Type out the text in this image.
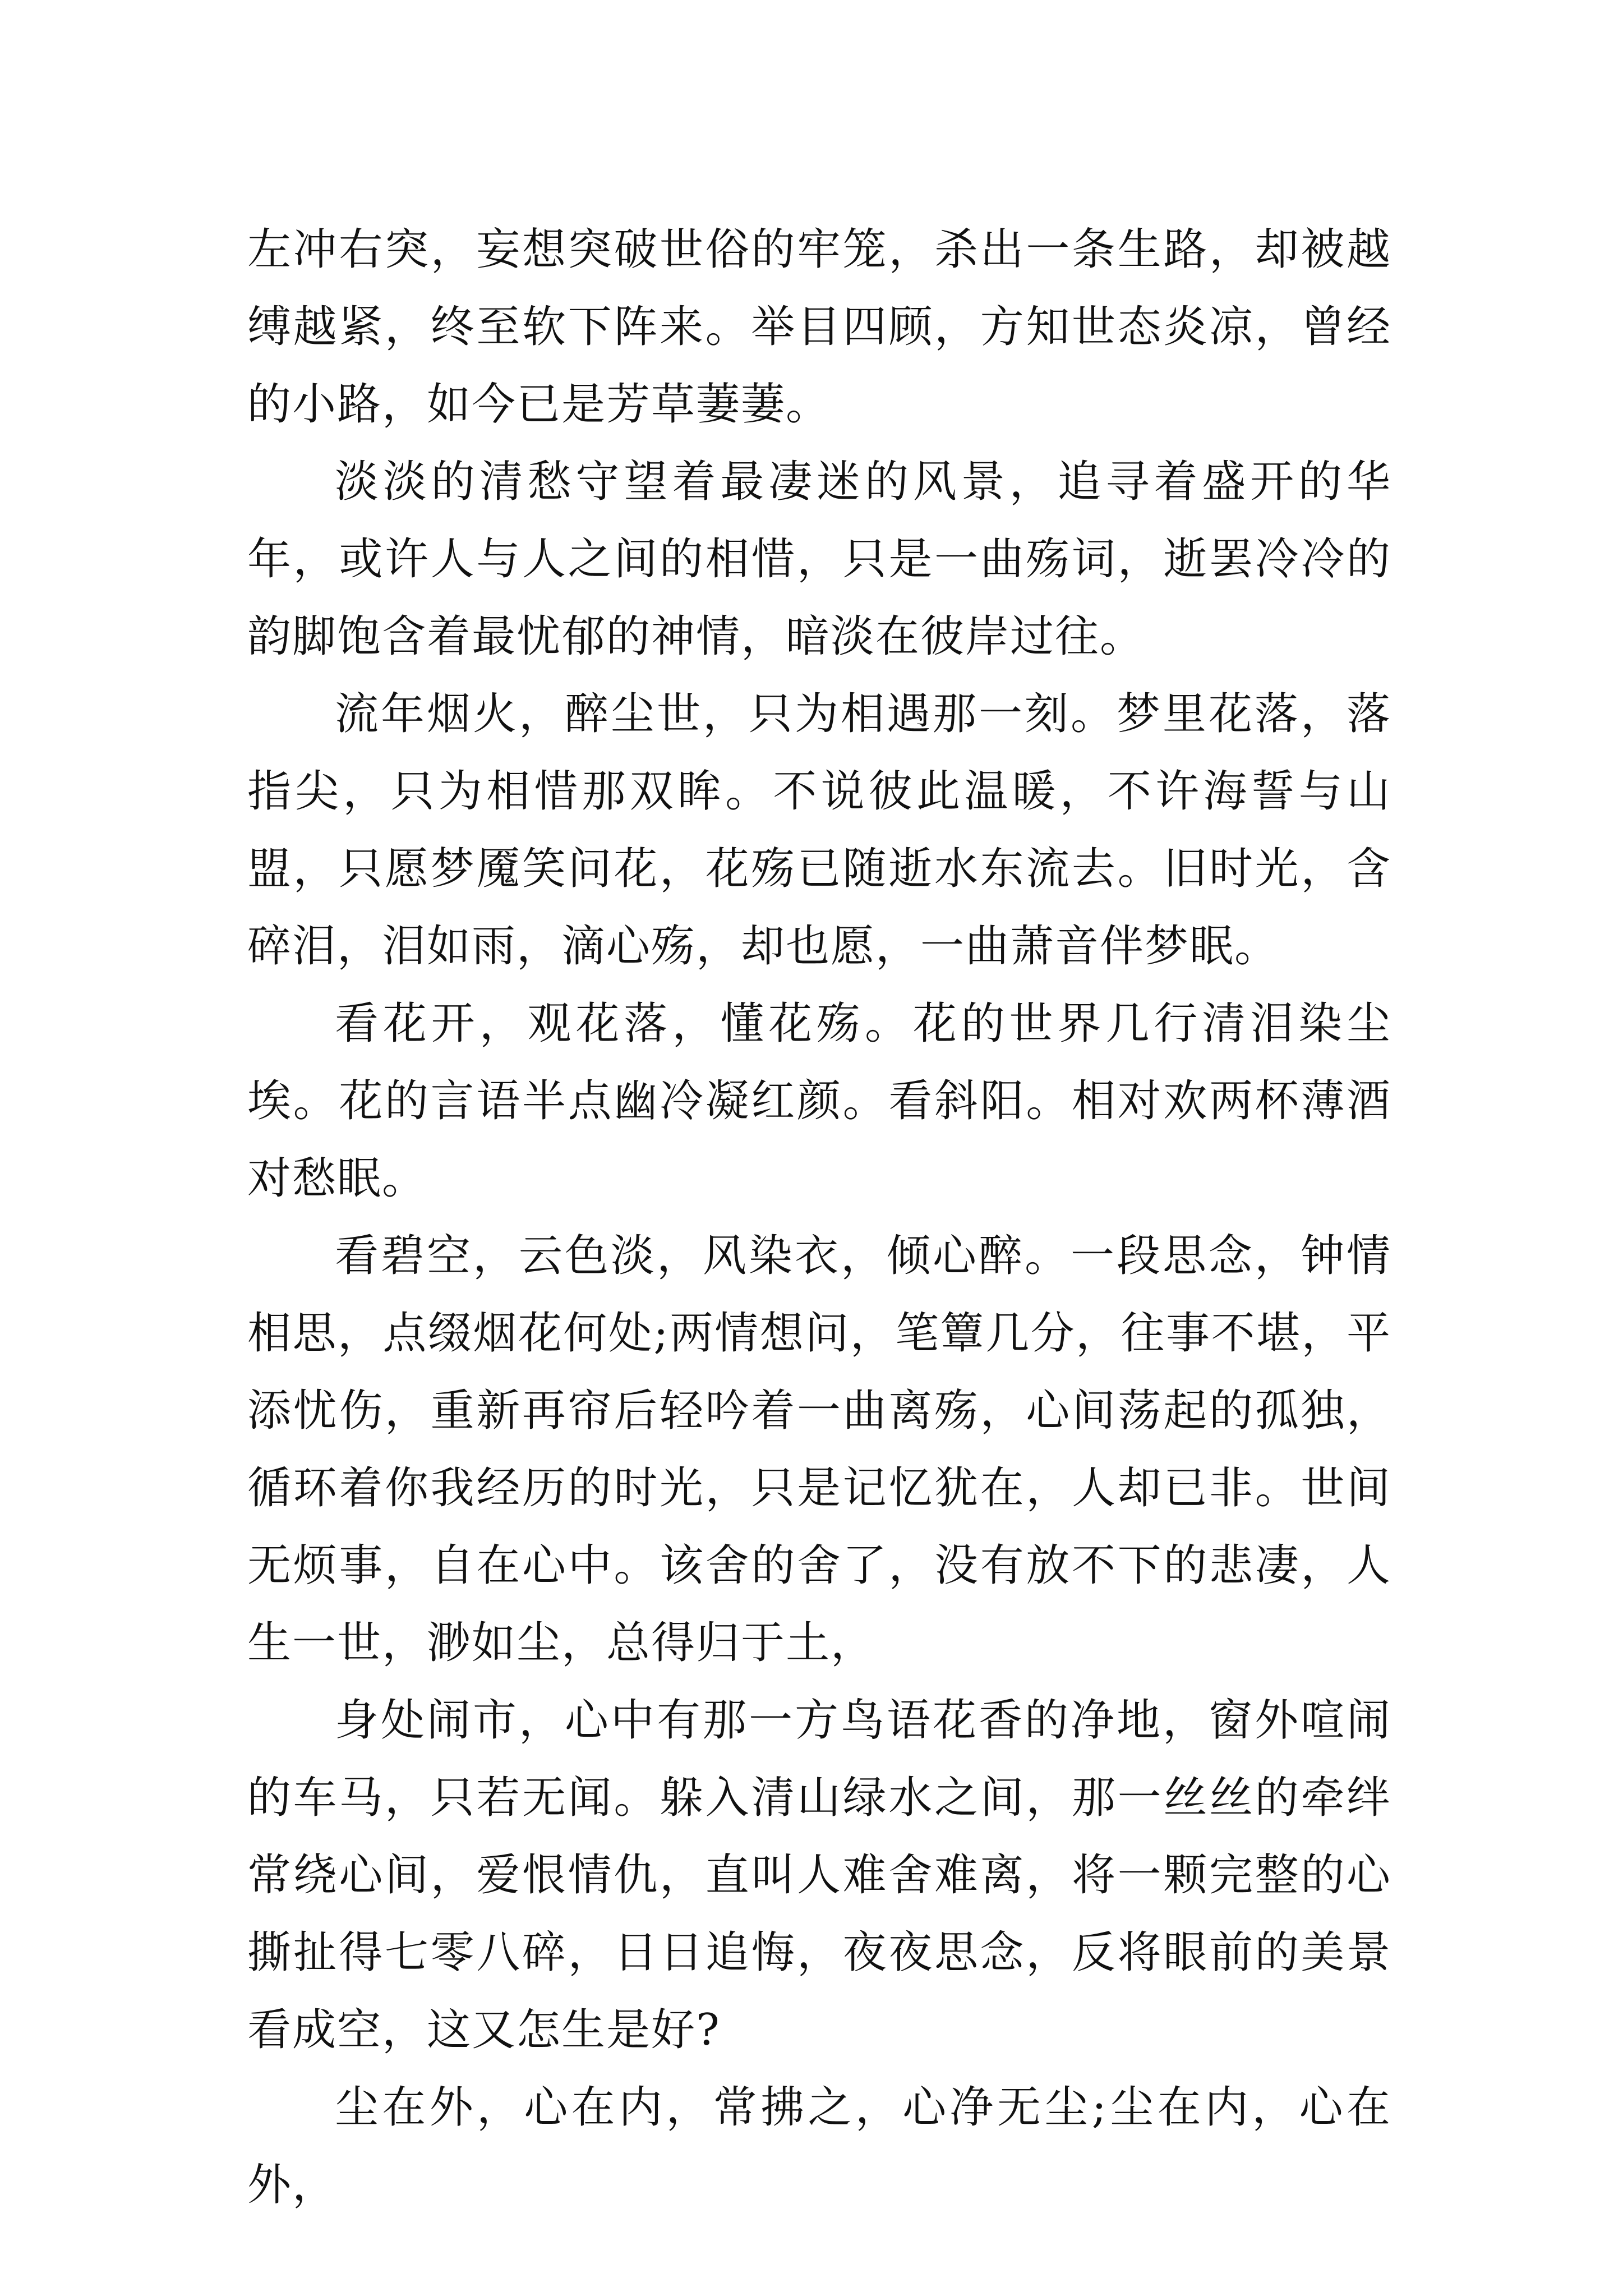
左冲右突，妄想突破世俗的牢笼，杀出一条生路，却被越缚越紧，终至软下阵来。举目四顾，方知世态炎凉，曾经的小路，如今已是芳草萋萋。

淡淡的清愁守望着最凄迷的风景，追寻着盛开的华年，或许人与人之间的相惜，只是一曲殇词，逝罢冷冷的韵脚饱含着最忧郁的神情，暗淡在彼岸过往。

流年烟火，醉尘世，只为相遇那一刻。梦里花落，落指尖，只为相惜那双眸。不说彼此温暖，不许海誓与山盟，只愿梦魇笑问花，花殇已随逝水东流去。旧时光，含碎泪，泪如雨，滴心殇，却也愿，一曲萧音伴梦眠。

看花开，观花落，懂花殇。花的世界几行清泪染尘埃。花的言语半点幽冷凝红颜。看斜阳。相对欢两杯薄酒对愁眠。

看碧空，云色淡，风染衣，倾心醉。一段思念，钟情相思，点缀烟花何处;两情想问，笔簟几分，往事不堪，平添忧伤，重新再帘后轻吟着一曲离殇，心间荡起的孤独，循环着你我经历的时光，只是记忆犹在，人却已非。世间无烦事，自在心中。该舍的舍了，没有放不下的悲凄，人生一世，渺如尘，总得归于土，

身处闹市，心中有那一方鸟语花香的净地，窗外喧闹的车马，只若无闻。躲入清山绿水之间，那一丝丝的牵绊常绕心间，爱恨情仇，直叫人难舍难离，将一颗完整的心撕扯得七零八碎，日日追悔，夜夜思念，反将眼前的美景看成空，这又怎生是好?

尘在外，心在内，常拂之，心净无尘;尘在内，心在外，
